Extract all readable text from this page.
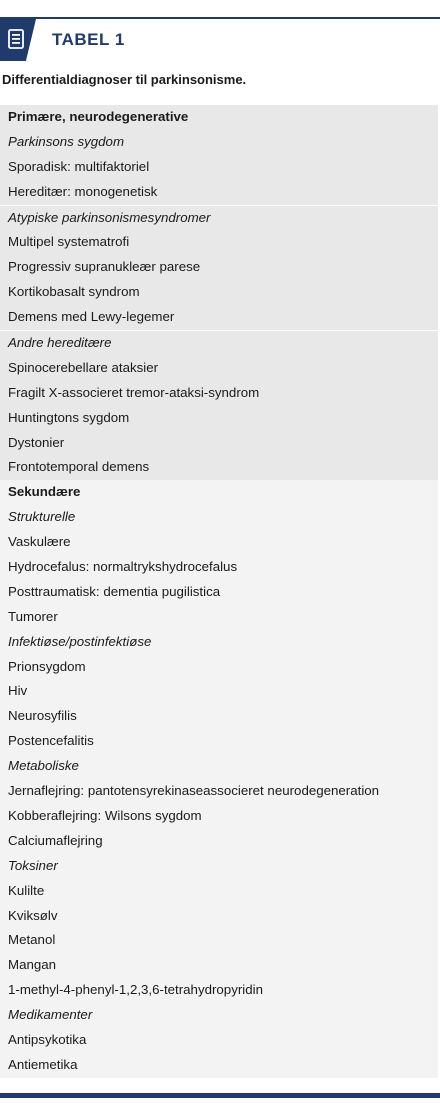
TABEL 1
Differentialdiagnoser til parkinsonisme.
Primære, neurodegenerative
Parkinsons sygdom
Sporadisk: multifaktoriel
Hereditær: monogenetisk
Atypiske parkinsonismesyndromer
Multipel systematrofi
Progressiv supranukleær parese
Kortikobasalt syndrom
Demens med Lewy-legemer
Andre hereditære
Spinocerebellare ataksier
Fragilt X-associeret tremor-ataksi-syndrom
Huntingtons sygdom
Dystonier
Frontotemporal demens
Sekundære
Strukturelle
Vaskulære
Hydrocefalus: normaltrykshydrocefalus
Posttraumatisk: dementia pugilistica
Tumorer
Infektiøse/postinfektiøse
Prionsygdom
Hiv
Neurosyfilis
Postencefalitis
Metaboliske
Jernaflejring: pantotensyrekinaseassocieret neurodegeneration
Kobberaflejring: Wilsons sygdom
Calciumaflejring
Toksiner
Kulilte
Kviksølv
Metanol
Mangan
1-methyl-4-phenyl-1,2,3,6-tetrahydropyridin
Medikamenter
Antipsykotika
Antiemetika
